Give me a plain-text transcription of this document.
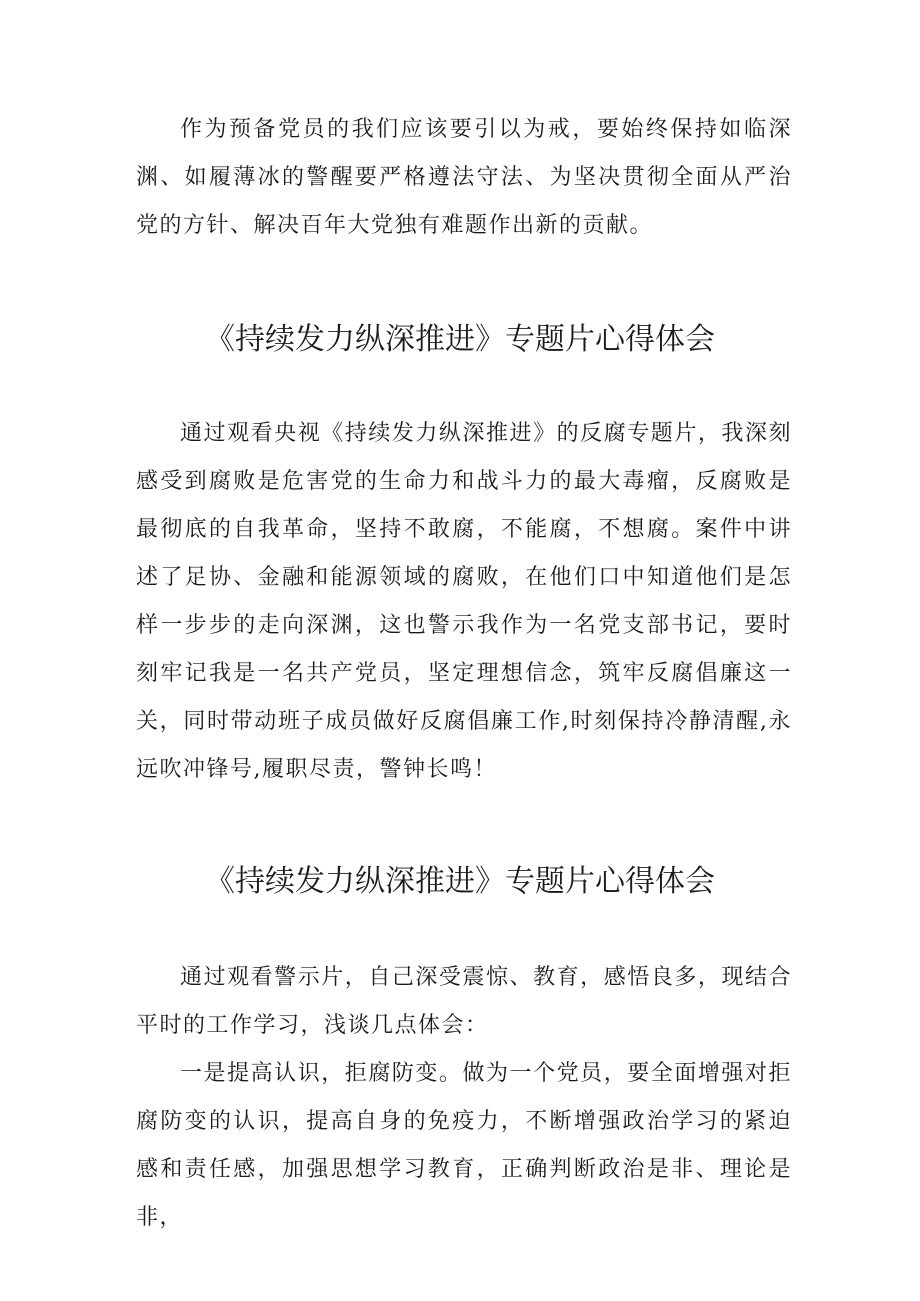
作为预备党员的我们应该要引以为戒，要始终保持如临深渊、如履薄冰的警醒要严格遵法守法、为坚决贯彻全面从严治党的方针、解决百年大党独有难题作出新的贡献。

《持续发力纵深推进》专题片心得体会

通过观看央视《持续发力纵深推进》的反腐专题片，我深刻感受到腐败是危害党的生命力和战斗力的最大毒瘤，反腐败是最彻底的自我革命，坚持不敢腐，不能腐，不想腐。案件中讲述了足协、金融和能源领域的腐败，在他们口中知道他们是怎样一步步的走向深渊，这也警示我作为一名党支部书记，要时刻牢记我是一名共产党员，坚定理想信念，筑牢反腐倡廉这一关，同时带动班子成员做好反腐倡廉工作,时刻保持冷静清醒,永远吹冲锋号,履职尽责，警钟长鸣！

《持续发力纵深推进》专题片心得体会

通过观看警示片，自己深受震惊、教育，感悟良多，现结合平时的工作学习，浅谈几点体会：

一是提高认识，拒腐防变。做为一个党员，要全面增强对拒腐防变的认识，提高自身的免疫力，不断增强政治学习的紧迫感和责任感，加强思想学习教育，正确判断政治是非、理论是非，
